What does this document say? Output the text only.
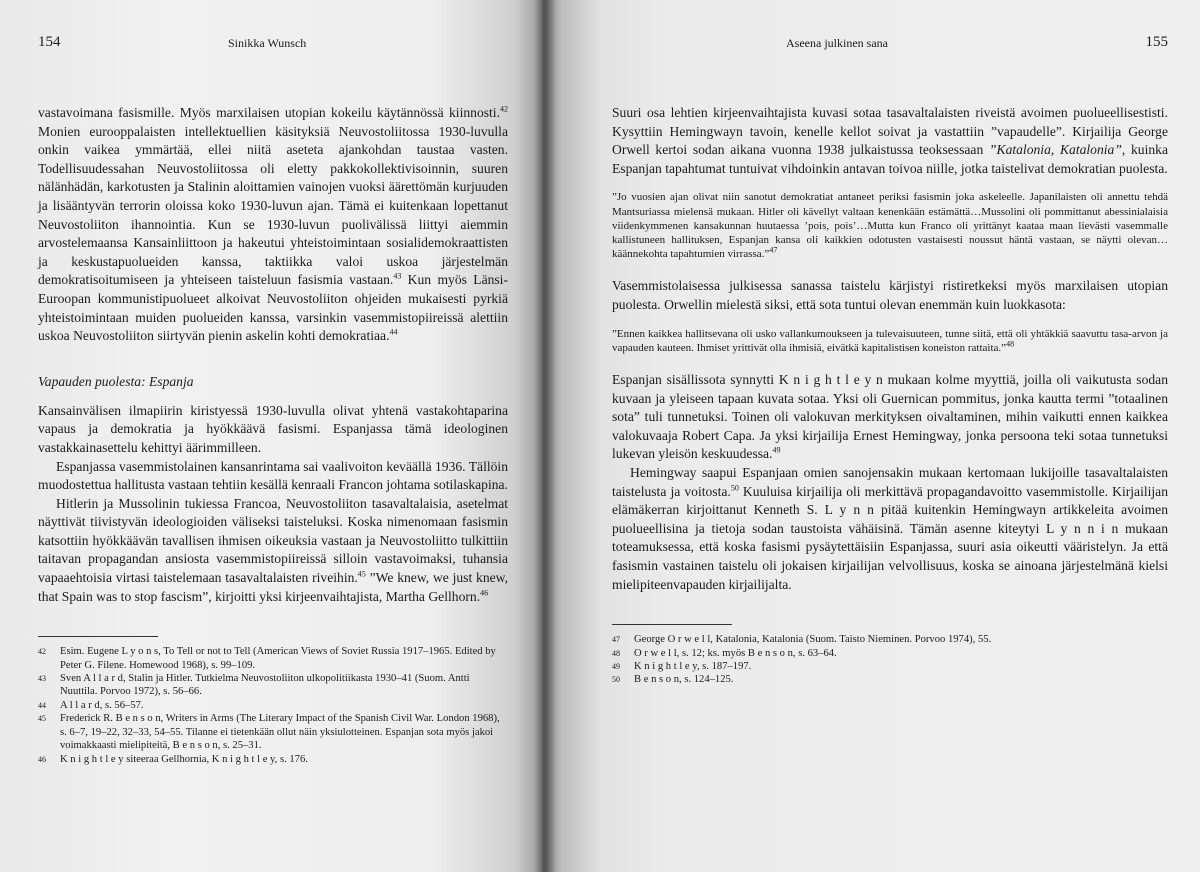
154	Sinikka Wunsch

vastavoimana fasismille. Myös marxilaisen utopian kokeilu käytännössä kiinnosti.$^{42}$ Monien eurooppalaisten intellektuellien käsityksiä Neuvostoliitossa 1930-luvulla onkin vaikea ymmärtää, ellei niitä aseteta ajankohdan taustaa vasten. Todellisuudessahan Neuvostoliitossa oli eletty pakkokollektivisoinnin, suuren nälänhädän, karkotusten ja Stalinin aloittamien vainojen vuoksi äärettömän kurjuuden ja lisääntyvän terrorin oloissa koko 1930-luvun ajan. Tämä ei kuitenkaan lopettanut Neuvostoliiton ihannointia. Kun se 1930-luvun puolivälissä liittyi aiemmin arvostelemaansa Kansainliittoon ja hakeutui yhteistoimintaan sosialidemokraattisten ja keskustapuolueiden kanssa, taktiikka valoi uskoa järjestelmän demokratisoitumiseen ja yhteiseen taisteluun fasismia vastaan.$^{43}$ Kun myös Länsi-Euroopan kommunistipuolueet alkoivat Neuvostoliiton ohjeiden mukaisesti pyrkiä yhteistoimintaan muiden puolueiden kanssa, varsinkin vasemmistopiireissä alettiin uskoa Neuvostoliiton siirtyvän pienin askelin kohti demokratiaa.$^{44}$

Vapauden puolesta: Espanja

Kansainvälisen ilmapiirin kiristyessä 1930-luvulla olivat yhtenä vastakohtaparina vapaus ja demokratia ja hyökkäävä fasismi. Espanjassa tämä ideologinen vastakkainasettelu kehittyi äärimmilleen.

Espanjassa vasemmistolainen kansanrintama sai vaalivoiton keväällä 1936. Tällöin muodostettua hallitusta vastaan tehtiin kesällä kenraali Francon johtama sotilaskapina.

Hitlerin ja Mussolinin tukiessa Francoa, Neuvostoliiton tasavaltalaisia, asetelmat näyttivät tiivistyvän ideologioiden väliseksi taisteluksi. Koska nimenomaan fasismin katsottiin hyökkäävän tavallisen ihmisen oikeuksia vastaan ja Neuvostoliitto tulkittiin taitavan propagandan ansiosta vasemmistopiireissä silloin vastavoimaksi, tuhansia vapaaehtoisia virtasi taistelemaan tasavaltalaisten riveihin.$^{45}$ ”We knew, we just knew, that Spain was to stop fascism”, kirjoitti yksi kirjeenvaihtajista, Martha Gellhorn.$^{46}$

42	Esim. Eugene L y o n s, To Tell or not to Tell (American Views of Soviet Russia 1917–1965. Edited by Peter G. Filene. Homewood 1968), s. 99–109.
43	Sven A l l a r d, Stalin ja Hitler. Tutkielma Neuvostoliiton ulkopolitiikasta 1930–41 (Suom. Antti Nuuttila. Porvoo 1972), s. 56–66.
44	A l l a r d, s. 56–57.
45	Frederick R. B e n s o n, Writers in Arms (The Literary Impact of the Spanish Civil War. London 1968), s. 6–7, 19–22, 32–33, 54–55. Tilanne ei tietenkään ollut näin yksiulotteinen. Espanjan sota myös jakoi voimakkaasti mielipiteitä, B e n s o n, s. 25–31.
46	K n i g h t l e y siteeraa Gellhornia, K n i g h t l e y, s. 176.
Aseena julkinen sana	155

Suuri osa lehtien kirjeenvaihtajista kuvasi sotaa tasavaltalaisten riveistä avoimen puolueellisestisti. Kysyttiin Hemingwayn tavoin, kenelle kellot soivat ja vastattiin ”vapaudelle”. Kirjailija George Orwell kertoi sodan aikana vuonna 1938 julkaistussa teoksessaan ”Katalonia, Katalonia”, kuinka Espanjan tapahtumat tuntuivat vihdoinkin antavan toivoa niille, jotka taistelivat demokratian puolesta.

”Jo vuosien ajan olivat niin sanotut demokratiat antaneet periksi fasismin joka askeleelle. Japanilaisten oli annettu tehdä Mantsuriassa mielensä mukaan. Hitler oli kävellyt valtaan kenenkään estämättä…Mussolini oli pommittanut abessinialaisia viidenkymmenen kansakunnan huutaessa ’pois, pois’…Mutta kun Franco oli yrittänyt kaataa maan lievästi vasemmalle kallistuneen hallituksen, Espanjan kansa oli kaikkien odotusten vastaisesti noussut häntä vastaan, se näytti olevan… käännekohta tapahtumien virrassa.”$^{47}$

Vasemmistolaisessa julkisessa sanassa taistelu kärjistyi ristiretkeksi myös marxilaisen utopian puolesta. Orwellin mielestä siksi, että sota tuntui olevan enemmän kuin luokkasota:

”Ennen kaikkea hallitsevana oli usko vallankumoukseen ja tulevaisuuteen, tunne siitä, että oli yhtäkkiä saavuttu tasa-arvon ja vapauden kauteen. Ihmiset yrittivät olla ihmisiä, eivätkä kapitalistisen koneiston rattaita.”$^{48}$

Espanjan sisällissota synnytti K n i g h t l e y n mukaan kolme myyttiä, joilla oli vaikutusta sodan kuvaan ja yleiseen tapaan kuvata sotaa. Yksi oli Guernican pommitus, jonka kautta termi ”totaalinen sota” tuli tunnetuksi. Toinen oli valokuvan merkityksen oivaltaminen, mihin vaikutti ennen kaikkea valokuvaaja Robert Capa. Ja yksi kirjailija Ernest Hemingway, jonka persoona teki sotaa tunnetuksi lukevan yleisön keskuudessa.$^{49}$

Hemingway saapui Espanjaan omien sanojensakin mukaan kertomaan lukijoille tasavaltalaisten taistelusta ja voitosta.$^{50}$ Kuuluisa kirjailija oli merkittävä propagandavoitto vasemmistolle. Kirjailijan elämäkerran kirjoittanut Kenneth S. L y n n pitää kuitenkin Hemingwayn artikkeleita avoimen puolueellisina ja tietoja sodan taustoista vähäisinä. Tämän asenne kiteytyi L y n n i n mukaan toteamuksessa, että koska fasismi pysäytettäisiin Espanjassa, suuri asia oikeutti vääristelyn. Ja että fasismin vastainen taistelu oli jokaisen kirjailijan velvollisuus, koska se ainoana järjestelmänä kielsi mielipiteenvapauden kirjailijalta.

47	George O r w e l l, Katalonia, Katalonia (Suom. Taisto Nieminen. Porvoo 1974), 55.
48	O r w e l l, s. 12; ks. myös B e n s o n, s. 63–64.
49	K n i g h t l e y, s. 187–197.
50	B e n s o n, s. 124–125.
